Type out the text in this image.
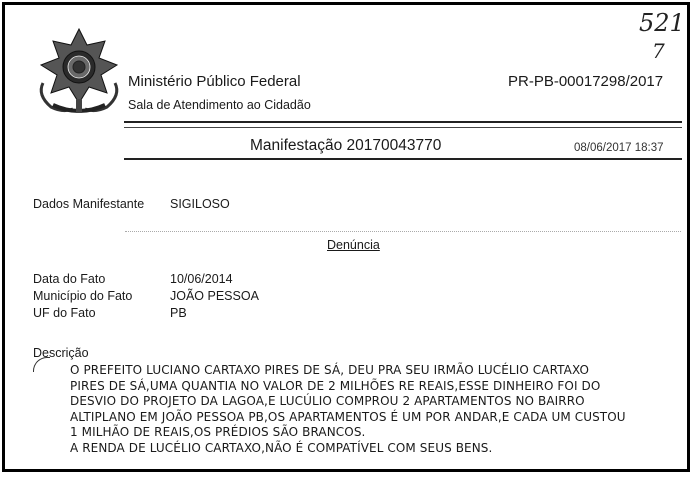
521
7
Ministério Público Federal
Sala de Atendimento ao Cidadão
PR-PB-00017298/2017
Manifestação 20170043770	08/06/2017 18:37
Dados Manifestante SIGILOSO
Denúncia
Data do Fato	10/06/2014
Município do Fato	JOÃO PESSOA
UF do Fato	PB
Descrição
O PREFEITO LUCIANO CARTAXO PIRES DE SÁ, DEU PRA SEU IRMÃO LUCÉLIO CARTAXO
PIRES DE SÁ,UMA QUANTIA NO VALOR DE 2 MILHÕES RE REAIS,ESSE DINHEIRO FOI DO
DESVIO DO PROJETO DA LAGOA,E LUCÚLIO COMPROU 2 APARTAMENTOS NO BAIRRO
ALTIPLANO EM JOÃO PESSOA PB,OS APARTAMENTOS É UM POR ANDAR,E CADA UM CUSTOU
1 MILHÃO DE REAIS,OS PRÉDIOS SÃO BRANCOS.
A RENDA DE LUCÉLIO CARTAXO,NÃO É COMPATÍVEL COM SEUS BENS.
